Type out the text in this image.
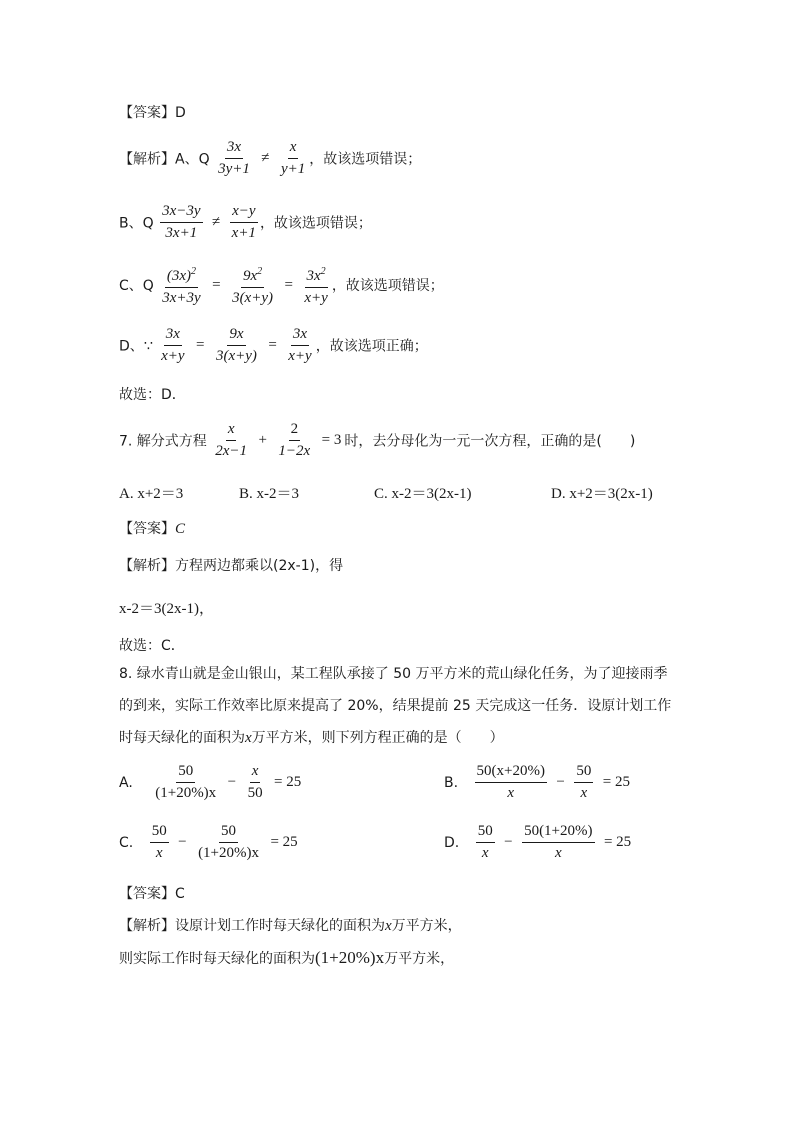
【答案】D
【解析】A、Q $\frac{3x}{3y+1} \ne \frac{x}{y+1}$ ，故该选项错误；
B、Q $\frac{3x-3y}{3x+1} \ne \frac{x-y}{x+1}$ ，故该选项错误；
C、Q $\frac{(3x)^2}{3x+3y} = \frac{9x^2}{3(x+y)} = \frac{3x^2}{x+y}$ ，故该选项错误；
D、∵ $\frac{3x}{x+y} = \frac{9x}{3(x+y)} = \frac{3x}{x+y}$ ，故该选项正确；
故选：D．
7. 解分式方程 $\frac{x}{2x-1} + \frac{2}{1-2x} = 3$ 时，去分母化为一元一次方程，正确的是(　　)
A. x+2＝3	B. x-2＝3	C. x-2＝3(2x-1)	D. x+2＝3(2x-1)
【答案】C
【解析】方程两边都乘以(2x-1)，得
x-2＝3(2x-1)，
故选：C．
8. 绿水青山就是金山银山，某工程队承接了 50 万平方米的荒山绿化任务，为了迎接雨季
的到来，实际工作效率比原来提高了 20%，结果提前 25 天完成这一任务．设原计划工作
时每天绿化的面积为x万平方米，则下列方程正确的是（　　）
A. $\frac{50}{(1+20\%)x} - \frac{x}{50} = 25$	B. $\frac{50(x+20\%)}{x} - \frac{50}{x} = 25$
C. $\frac{50}{x} - \frac{50}{(1+20\%)x} = 25$	D. $\frac{50}{x} - \frac{50(1+20\%)}{x} = 25$
【答案】C
【解析】设原计划工作时每天绿化的面积为x万平方米，
则实际工作时每天绿化的面积为(1+20%)x万平方米，
